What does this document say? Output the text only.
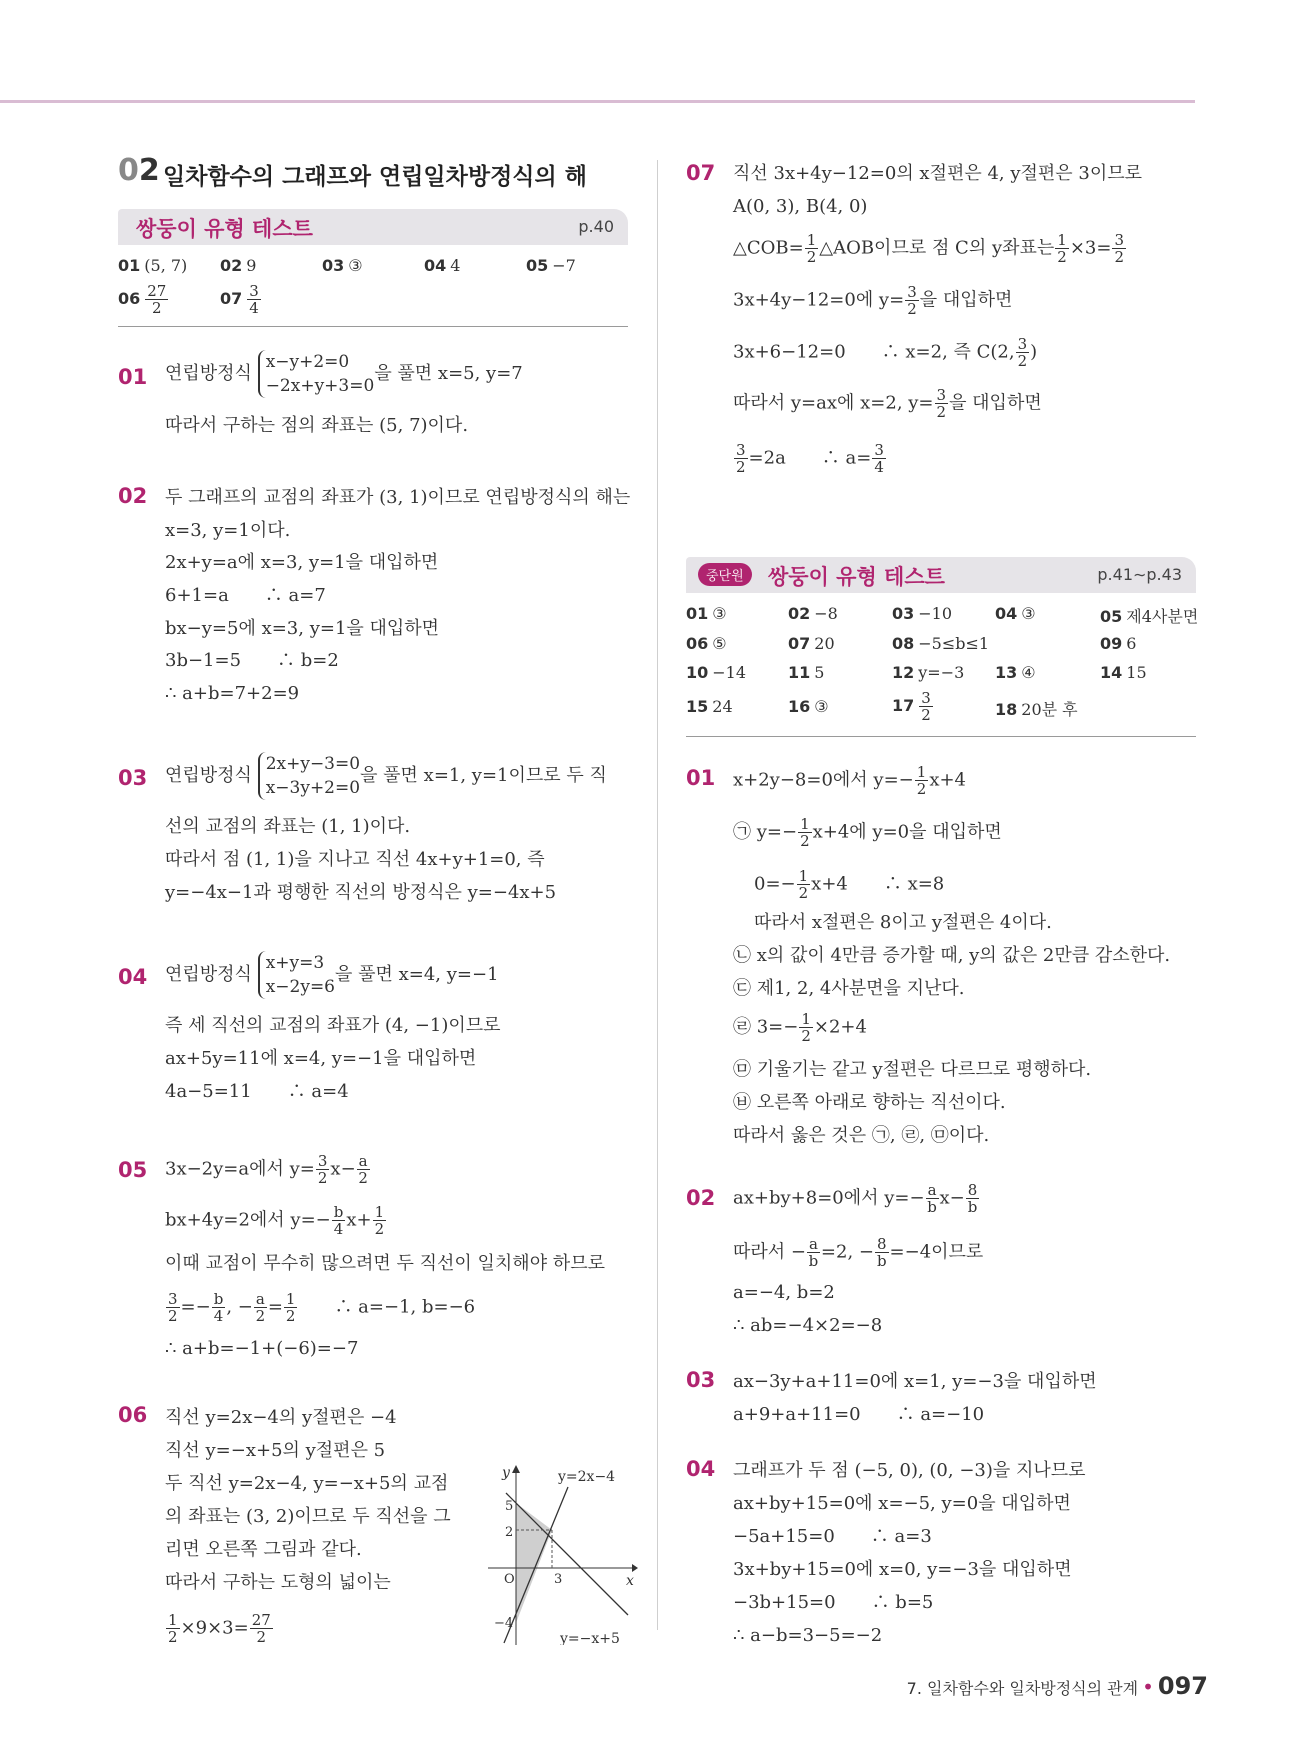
02 일차함수의 그래프와 연립일차방정식의 해
쌍둥이 유형 테스트	p.40
01 (5, 7) 02 9	03 ③	04 4	05 −7
$06 \frac{27}{2}$	$07 \frac{3}{4}$
01 연립방정식
x−y+2=0
−2x+y+3=0
을 풀면 x=5, y=7
따라서 구하는 점의 좌표는 (5, 7)이다.
02 두 그래프의 교점의 좌표가 (3, 1)이므로 연립방정식의 해는
x=3, y=1이다.
2x+y=a에 x=3, y=1을 대입하면
6+1=a　　∴ a=7
bx−y=5에 x=3, y=1을 대입하면
3b−1=5　　∴ b=2
∴ a+b=7+2=9
03 연립방정식
2x+y−3=0
x−3y+2=0
을 풀면 x=1, y=1이므로 두 직
선의 교점의 좌표는 (1, 1)이다.
따라서 점 (1, 1)을 지나고 직선 4x+y+1=0, 즉
y=−4x−1과 평행한 직선의 방정식은 y=−4x+5
04 연립방정식
x+y=3
x−2y=6
을 풀면 x=4, y=−1
즉 세 직선의 교점의 좌표가 (4, −1)이므로
ax+5y=11에 x=4, y=−1을 대입하면
4a−5=11　　∴ a=4
05 3x−2y=a에서 $y= \frac{3}{2} x- \frac{a}{2}$
bx+4y=2에서 $y=- \frac{b}{4} x+ \frac{1}{2}$
이때 교점이 무수히 많으려면 두 직선이 일치해야 하므로
$\frac{3}{2} =- \frac{b}{4}$ , − $\frac{a}{2} = \frac{1}{2}$ 　　∴ a=−1, b=−6
∴ a+b=−1+(−6)=−7
06 직선 y=2x−4의 y절편은 −4
직선 y=−x+5의 y절편은 5
두 직선 y=2x−4, y=−x+5의 교점
의 좌표는 (3, 2)이므로 두 직선을 그
리면 오른쪽 그림과 같다.
따라서 구하는 도형의 넓이는
$\frac{1}{2} \times 9\times 3= \frac{27}{2}$
y=2x−4
y=−x+5
x
y
O
5
2
3
−4
07 직선 3x+4y−12=0의 x절편은 4, y절편은 3이므로
A(0, 3), B(4, 0)
△COB= $\frac{1}{2}$ △AOB이므로 점 C의 y좌표는 $\frac{1}{2} \times 3= \frac{3}{2}$
3x+4y−12=0에 $y= \frac{3}{2}$ 을 대입하면
3x+6−12=0　　∴ x=2, 즉 C(2, $\frac{3}{2}$ )
따라서 y=ax에 x=2, $y= \frac{3}{2}$ 을 대입하면
$\frac{3}{2} =2a$　　∴ $a= \frac{3}{4}$
중단원	쌍둥이 유형 테스트	p.41∼p.43
01 ③	02 −8	03 −10	04 ③	05 제4사분면
06 ⑤	07 20	08 −5≤b≤1	09 6
10 −14	11 5	12 y=−3 13 ④	14 15
15 24	16 ③	$17 \frac{3}{2}$	18 20분 후
01 x+2y−8=0에서 $y=- \frac{1}{2} x+4$
㉠ $y=- \frac{1}{2} x+4$에 y=0을 대입하면
$0=- \frac{1}{2} x+4$　　∴ x=8
따라서 x절편은 8이고 y절편은 4이다.
㉡ x의 값이 4만큼 증가할 때, y의 값은 2만큼 감소한다.
㉢ 제1, 2, 4사분면을 지난다.
㉣ $3=- \frac{1}{2} \times 2+4$
㉤ 기울기는 같고 y절편은 다르므로 평행하다.
㉥ 오른쪽 아래로 향하는 직선이다.
따라서 옳은 것은 ㉠, ㉣, ㉤이다.
02 ax+by+8=0에서 $y=- \frac{a}{b} x- \frac{8}{b}$
따라서 − $\frac{a}{b} =2$, − $\frac{8}{b} =-4$이므로
a=−4, b=2
∴ ab=−4×2=−8
03 ax−3y+a+11=0에 x=1, y=−3을 대입하면
a+9+a+11=0　　∴ a=−10
04 그래프가 두 점 (−5, 0), (0, −3)을 지나므로
ax+by+15=0에 x=−5, y=0을 대입하면
−5a+15=0　　∴ a=3
3x+by+15=0에 x=0, y=−3을 대입하면
−3b+15=0　　∴ b=5
∴ a−b=3−5=−2
7. 일차함수와 일차방정식의 관계 • 097
